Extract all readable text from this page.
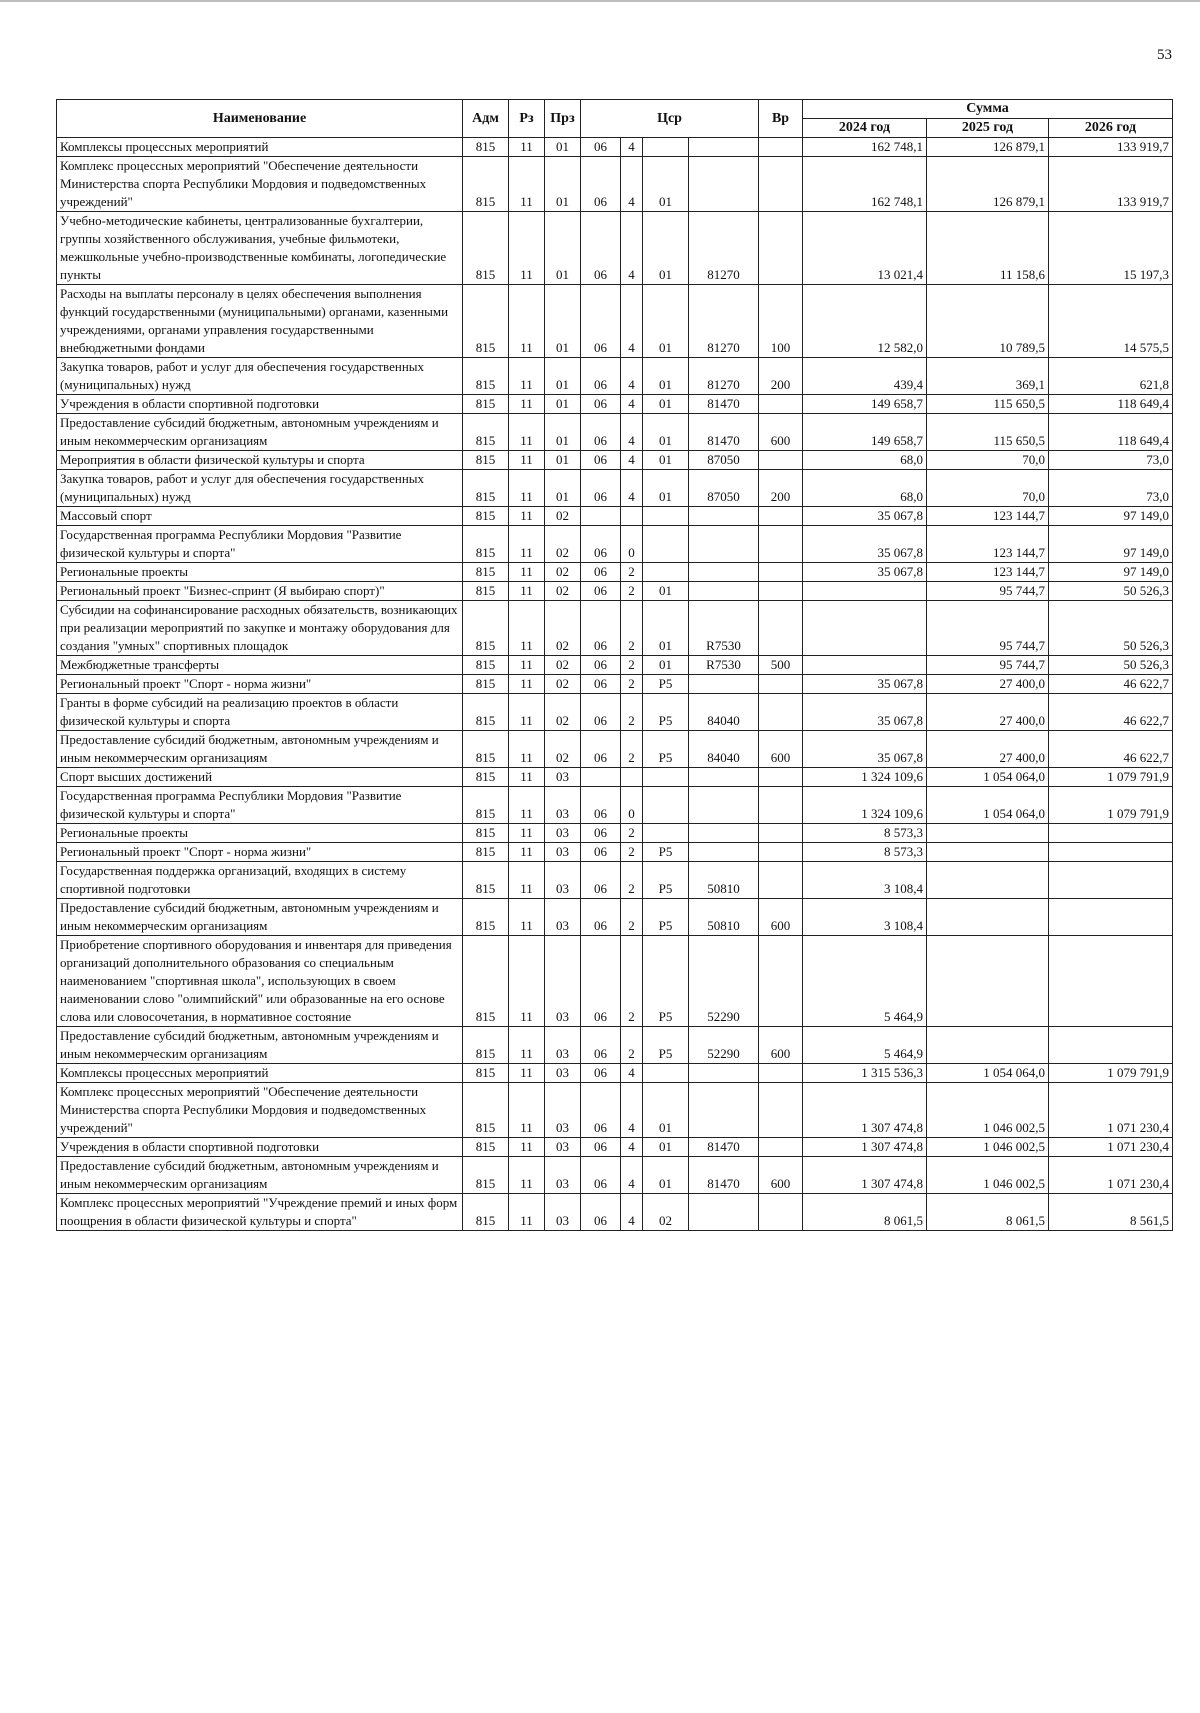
53
Наименование	Адм	Рз	Прз	Цср				Вр	Сумма		
									2024 год	2025 год	2026 год
Комплексы процессных мероприятий	815	11	01	06	4				162 748,1	126 879,1	133 919,7
Комплекс процессных мероприятий "Обеспечение деятельности Министерства спорта Республики Мордовия и подведомственных учреждений"	815	11	01	06	4	01			162 748,1	126 879,1	133 919,7
Учебно-методические кабинеты, централизованные бухгалтерии, группы хозяйственного обслуживания, учебные фильмотеки, межшкольные учебно-производственные комбинаты, логопедические пункты	815	11	01	06	4	01	81270		13 021,4	11 158,6	15 197,3
Расходы на выплаты персоналу в целях обеспечения выполнения функций государственными (муниципальными) органами, казенными учреждениями, органами управления государственными внебюджетными фондами	815	11	01	06	4	01	81270	100	12 582,0	10 789,5	14 575,5
Закупка товаров, работ и услуг для обеспечения государственных (муниципальных) нужд	815	11	01	06	4	01	81270	200	439,4	369,1	621,8
Учреждения в области спортивной подготовки	815	11	01	06	4	01	81470		149 658,7	115 650,5	118 649,4
Предоставление субсидий бюджетным, автономным учреждениям и иным некоммерческим организациям	815	11	01	06	4	01	81470	600	149 658,7	115 650,5	118 649,4
Мероприятия в области физической культуры и спорта	815	11	01	06	4	01	87050		68,0	70,0	73,0
Закупка товаров, работ и услуг для обеспечения государственных (муниципальных) нужд	815	11	01	06	4	01	87050	200	68,0	70,0	73,0
Массовый спорт	815	11	02						35 067,8	123 144,7	97 149,0
Государственная программа Республики Мордовия "Развитие физической культуры и спорта"	815	11	02	06	0				35 067,8	123 144,7	97 149,0
Региональные проекты	815	11	02	06	2				35 067,8	123 144,7	97 149,0
Региональный проект "Бизнес-спринт (Я выбираю спорт)"	815	11	02	06	2	01				95 744,7	50 526,3
Субсидии на софинансирование расходных обязательств, возникающих при реализации мероприятий по закупке и монтажу оборудования для создания "умных" спортивных площадок	815	11	02	06	2	01	R7530			95 744,7	50 526,3
Межбюджетные трансферты	815	11	02	06	2	01	R7530	500		95 744,7	50 526,3
Региональный проект "Спорт - норма жизни"	815	11	02	06	2	P5			35 067,8	27 400,0	46 622,7
Гранты в форме субсидий на реализацию проектов в области физической культуры и спорта	815	11	02	06	2	P5	84040		35 067,8	27 400,0	46 622,7
Предоставление субсидий бюджетным, автономным учреждениям и иным некоммерческим организациям	815	11	02	06	2	P5	84040	600	35 067,8	27 400,0	46 622,7
Спорт высших достижений	815	11	03						1 324 109,6	1 054 064,0	1 079 791,9
Государственная программа Республики Мордовия "Развитие физической культуры и спорта"	815	11	03	06	0				1 324 109,6	1 054 064,0	1 079 791,9
Региональные проекты	815	11	03	06	2				8 573,3		
Региональный проект "Спорт - норма жизни"	815	11	03	06	2	P5			8 573,3		
Государственная поддержка организаций, входящих в систему спортивной подготовки	815	11	03	06	2	P5	50810		3 108,4		
Предоставление субсидий бюджетным, автономным учреждениям и иным некоммерческим организациям	815	11	03	06	2	P5	50810	600	3 108,4		
Приобретение спортивного оборудования и инвентаря для приведения организаций дополнительного образования со специальным наименованием "спортивная школа", использующих в своем наименовании слово "олимпийский" или образованные на его основе слова или словосочетания, в нормативное состояние	815	11	03	06	2	P5	52290		5 464,9		
Предоставление субсидий бюджетным, автономным учреждениям и иным некоммерческим организациям	815	11	03	06	2	P5	52290	600	5 464,9		
Комплексы процессных мероприятий	815	11	03	06	4				1 315 536,3	1 054 064,0	1 079 791,9
Комплекс процессных мероприятий "Обеспечение деятельности Министерства спорта Республики Мордовия и подведомственных учреждений"	815	11	03	06	4	01			1 307 474,8	1 046 002,5	1 071 230,4
Учреждения в области спортивной подготовки	815	11	03	06	4	01	81470		1 307 474,8	1 046 002,5	1 071 230,4
Предоставление субсидий бюджетным, автономным учреждениям и иным некоммерческим организациям	815	11	03	06	4	01	81470	600	1 307 474,8	1 046 002,5	1 071 230,4
Комплекс процессных мероприятий "Учреждение премий и иных форм поощрения в области физической культуры и спорта"	815	11	03	06	4	02			8 061,5	8 061,5	8 561,5
